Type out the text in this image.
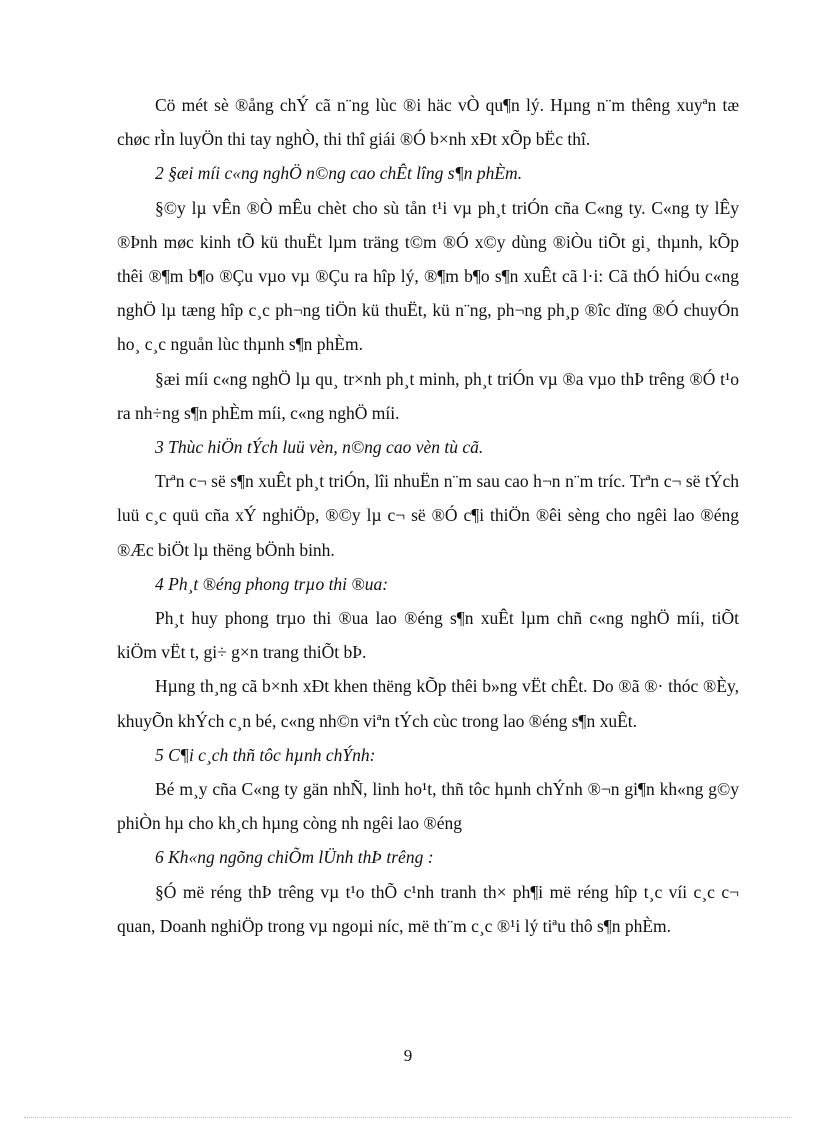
Cö mét sè ®ång chÝ cã n¨ng lùc ®i häc vÒ qu¶n lý. Hµng n¨m thêng xuyªn tæ chøc rÌn luyÖn thi tay nghÒ, thi thî giái ®Ó b×nh xÐt xÕp bËc thî.

2 §æi míi c«ng nghÖ n©ng cao chÊt lîng s¶n phÈm.

§©y lµ vÊn ®Ò mÊu chèt cho sù tån t¹i vµ ph¸t triÓn cña C«ng ty. C«ng ty lÊy ®Þnh møc kinh tÕ kü thuËt lµm träng t©m ®Ó x©y dùng ®iÒu tiÕt gi¸ thµnh, kÕp thêi ®¶m b¶o ®Çu vµo vµ ®Çu ra hîp lý, ®¶m b¶o s¶n xuÊt cã l·i: Cã thÓ hiÓu c«ng nghÖ lµ tæng hîp c¸c ph¬ng tiÖn kü thuËt, kü n¨ng, ph¬ng ph¸p ®îc dïng ®Ó chuyÓn ho¸ c¸c nguån lùc thµnh s¶n phÈm.

§æi míi c«ng nghÖ lµ qu¸ tr×nh ph¸t minh, ph¸t triÓn vµ ®a vµo thÞ trêng ®Ó t¹o ra nh÷ng s¶n phÈm míi, c«ng nghÖ míi.

3 Thùc hiÖn tÝch luü vèn, n©ng cao vèn tù cã.

Trªn c¬ së s¶n xuÊt ph¸t triÓn, lîi nhuËn n¨m sau cao h¬n n¨m tríc. Trªn c¬ së tÝch luü c¸c quü cña xÝ nghiÖp, ®©y lµ c¬ së ®Ó c¶i thiÖn ®êi sèng cho ngêi lao ®éng ®Æc biÖt lµ thëng bÖnh binh.

4 Ph¸t ®éng phong trµo thi ®ua:

Ph¸t huy phong trµo thi ®ua lao ®éng s¶n xuÊt lµm chñ c«ng nghÖ míi, tiÕt kiÖm vËt t, gi÷ g×n trang thiÕt bÞ.

Hµng th¸ng cã b×nh xÐt khen thëng kÕp thêi b»ng vËt chÊt. Do ®ã ®· thóc ®Èy, khuyÕn khÝch c¸n bé, c«ng nh©n viªn tÝch cùc trong lao ®éng s¶n xuÊt.

5 C¶i c¸ch thñ tôc hµnh chÝnh:

Bé m¸y cña C«ng ty gän nhÑ, linh ho¹t, thñ tôc hµnh chÝnh ®¬n gi¶n kh«ng g©y phiÒn hµ cho kh¸ch hµng còng nh ngêi lao ®éng

6 Kh«ng ngõng chiÕm lÜnh thÞ trêng :

§Ó më réng thÞ trêng vµ t¹o thÕ c¹nh tranh th× ph¶i më réng hîp t¸c víi c¸c c¬ quan, Doanh nghiÖp trong vµ ngoµi níc, më th¨m c¸c ®¹i lý tiªu thô s¶n phÈm.

9
